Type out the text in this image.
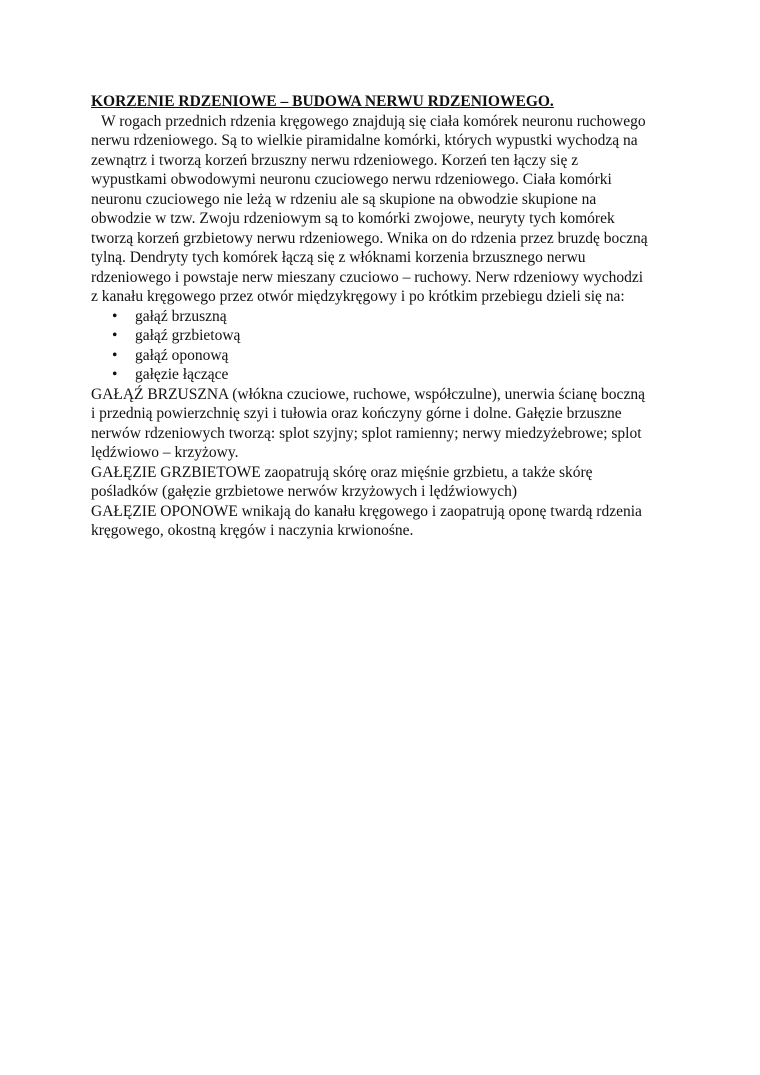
KORZENIE RDZENIOWE – BUDOWA NERWU RDZENIOWEGO.

W rogach przednich rdzenia kręgowego znajdują się ciała komórek neuronu ruchowego nerwu rdzeniowego. Są to wielkie piramidalne komórki, których wypustki wychodzą na zewnątrz i tworzą korzeń brzuszny nerwu rdzeniowego. Korzeń ten łączy się z wypustkami obwodowymi neuronu czuciowego nerwu rdzeniowego. Ciała komórki neuronu czuciowego nie leżą w rdzeniu ale są skupione na obwodzie skupione na obwodzie w tzw. Zwoju rdzeniowym są to komórki zwojowe, neuryty tych komórek tworzą korzeń grzbietowy nerwu rdzeniowego. Wnika on do rdzenia przez bruzdę boczną tylną. Dendryty tych komórek łączą się z włóknami korzenia brzusznego nerwu rdzeniowego i powstaje nerw mieszany czuciowo – ruchowy. Nerw rdzeniowy wychodzi z kanału kręgowego przez otwór międzykręgowy i po krótkim przebiegu dzieli się na:

• gałąź brzuszną
• gałąź grzbietową
• gałąź oponową
• gałęzie łączące

GAŁĄŹ BRZUSZNA (włókna czuciowe, ruchowe, współczulne), unerwia ścianę boczną i przednią powierzchnię szyi i tułowia oraz kończyny górne i dolne. Gałęzie brzuszne nerwów rdzeniowych tworzą: splot szyjny; splot ramienny; nerwy miedzyżebrowe; splot lędźwiowo – krzyżowy.

GAŁĘZIE GRZBIETOWE zaopatrują skórę oraz mięśnie grzbietu, a także skórę pośladków (gałęzie grzbietowe nerwów krzyżowych i lędźwiowych)

GAŁĘZIE OPONOWE wnikają do kanału kręgowego i zaopatrują oponę twardą rdzenia kręgowego, okostną kręgów i naczynia krwionośne.
